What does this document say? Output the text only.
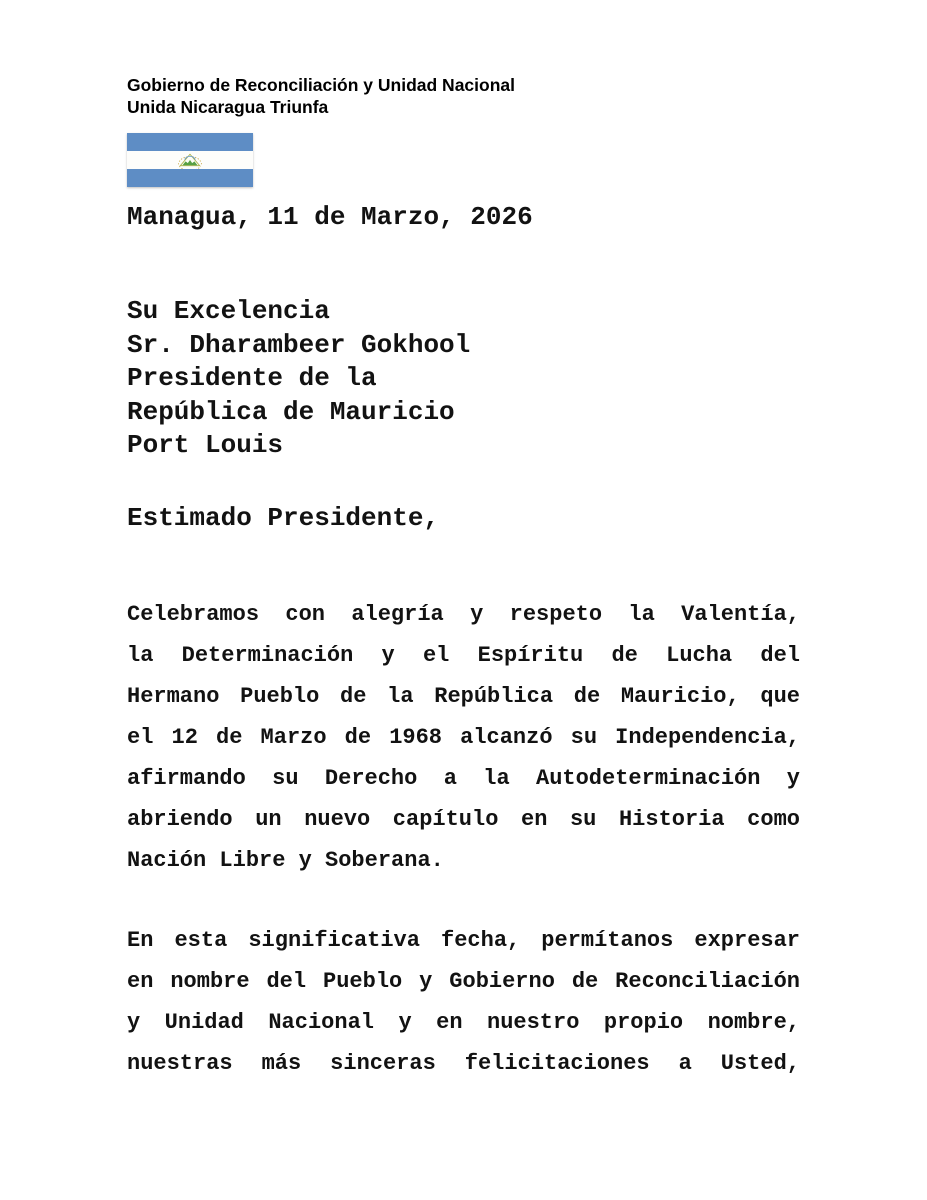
Gobierno de Reconciliación y Unidad Nacional
Unida Nicaragua Triunfa
Managua, 11 de Marzo, 2026
Su Excelencia
Sr. Dharambeer Gokhool
Presidente de la
República de Mauricio
Port Louis
Estimado Presidente,
Celebramos con alegría y respeto la Valentía,
la Determinación y el Espíritu de Lucha del
Hermano Pueblo de la República de Mauricio, que
el 12 de Marzo de 1968 alcanzó su Independencia,
afirmando su Derecho a la Autodeterminación y
abriendo un nuevo capítulo en su Historia como
Nación Libre y Soberana.
En esta significativa fecha, permítanos expresar
en nombre del Pueblo y Gobierno de Reconciliación
y Unidad Nacional y en nuestro propio nombre,
nuestras más sinceras felicitaciones a Usted,
